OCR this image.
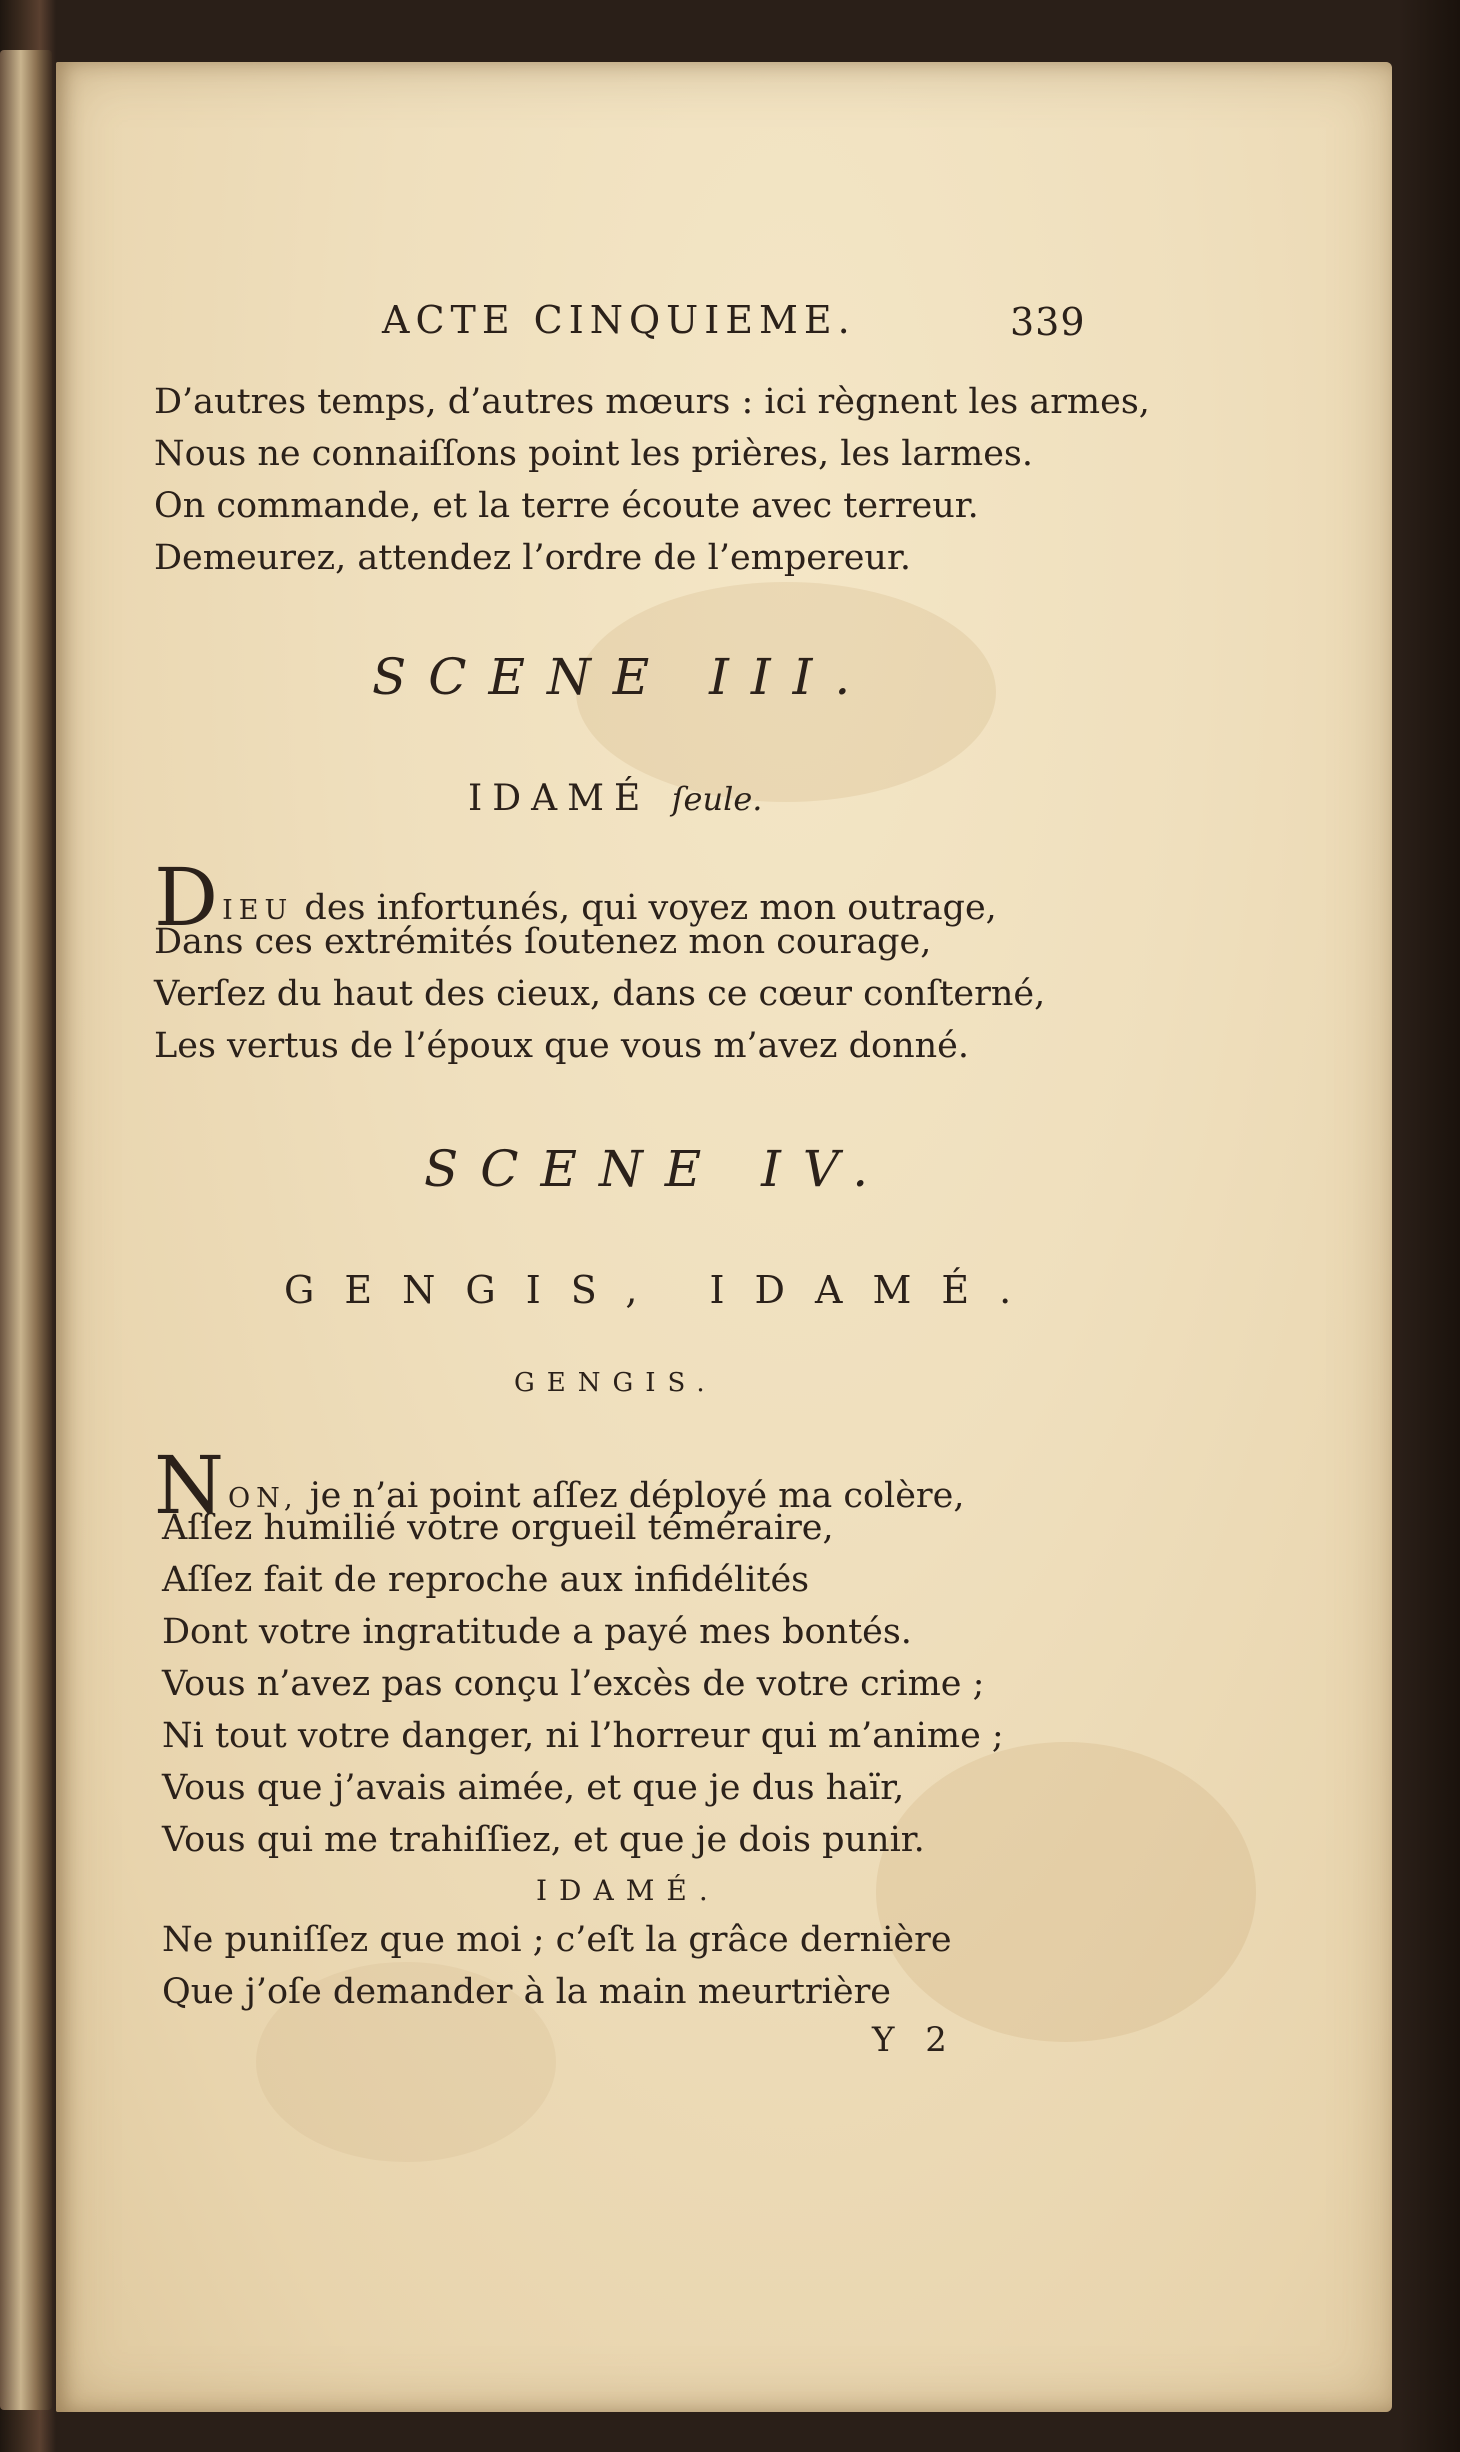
ACTE CINQUIEME.	339
D’autres temps, d’autres mœurs : ici règnent les armes,
Nous ne connaiſſons point les prières, les larmes.
On commande, et la terre écoute avec terreur.
Demeurez, attendez l’ordre de l’empereur.
SCENE III.
IDAMÉ ſeule.
DIEU des infortunés, qui voyez mon outrage,
Dans ces extrémités ſoutenez mon courage,
Verſez du haut des cieux, dans ce cœur conſterné,
Les vertus de l’époux que vous m’avez donné.
SCENE IV.
GENGIS, IDAMÉ.
GENGIS.
NON, je n’ai point aſſez déployé ma colère,
Aſſez humilié votre orgueil téméraire,
Aſſez fait de reproche aux infidélités
Dont votre ingratitude a payé mes bontés.
Vous n’avez pas conçu l’excès de votre crime ;
Ni tout votre danger, ni l’horreur qui m’anime ;
Vous que j’avais aimée, et que je dus haïr,
Vous qui me trahiſſiez, et que je dois punir.
IDAMÉ.
Ne puniſſez que moi ; c’eſt la grâce dernière
Que j’oſe demander à la main meurtrière
Y 2
